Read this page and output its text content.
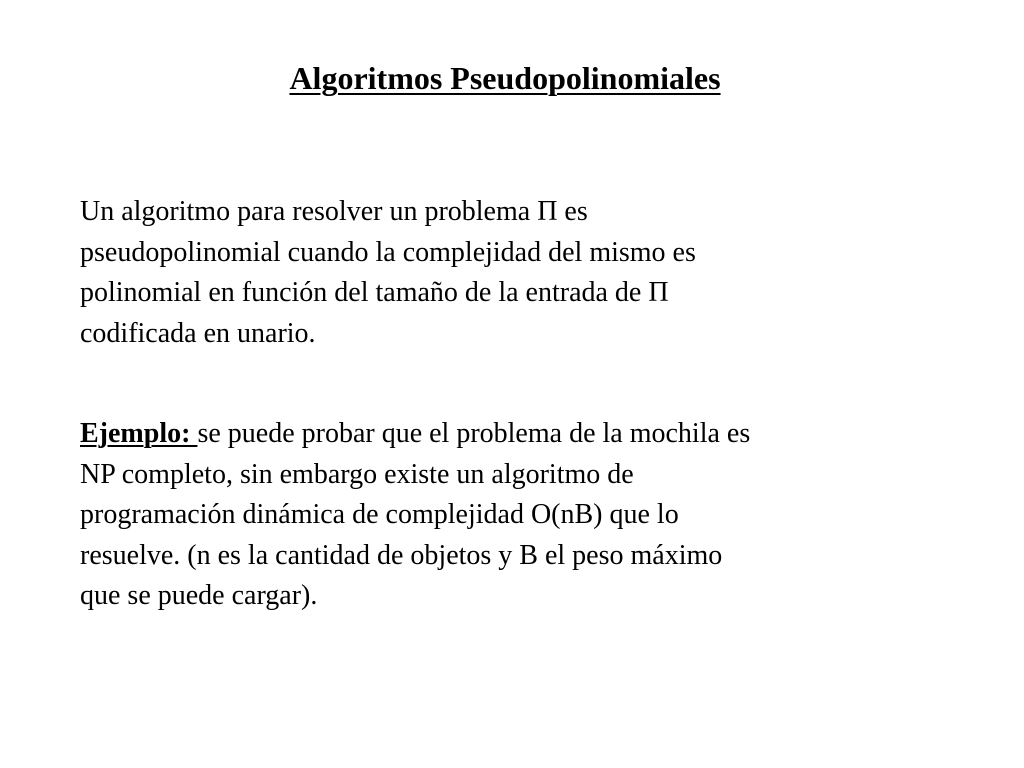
Algoritmos Pseudopolinomiales

Un algoritmo para resolver un problema Π es
pseudopolinomial cuando la complejidad del mismo es
polinomial en función del tamaño de la entrada de Π
codificada en unario.

Ejemplo: se puede probar que el problema de la mochila es
NP completo, sin embargo existe un algoritmo de
programación dinámica de complejidad O(nB) que lo
resuelve. (n es la cantidad de objetos y B el peso máximo
que se puede cargar).
